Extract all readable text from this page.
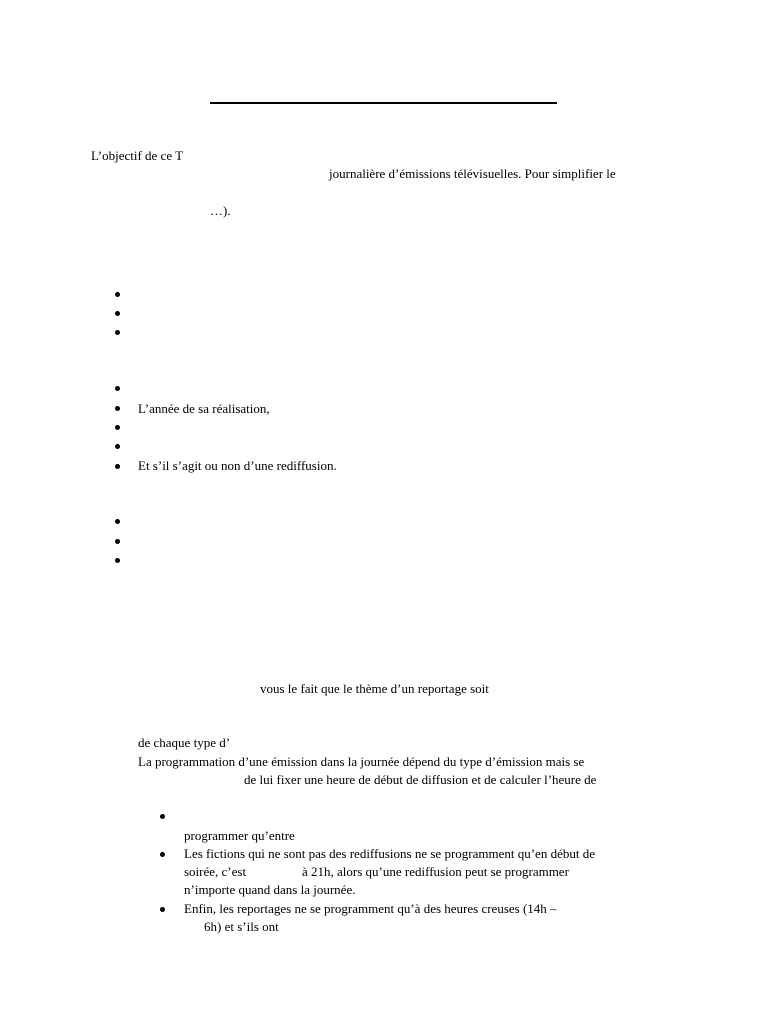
L’objectif de ce T
journalière d’émissions télévisuelles. Pour simplifier le
…).
L’année de sa réalisation,
Et s’il s’agit ou non d’une rediffusion.
vous le fait que le thème d’un reportage soit
de chaque type d’
La programmation d’une émission dans la journée dépend du type d’émission mais se
de lui fixer une heure de début de diffusion et de calculer l’heure de
programmer qu’entre
Les fictions qui ne sont pas des rediffusions ne se programment qu’en début de
soirée, c’est	à 21h, alors qu’une rediffusion peut se programmer
n’importe quand dans la journée.
Enfin, les reportages ne se programment qu’à des heures creuses (14h –
6h) et s’ils ont
